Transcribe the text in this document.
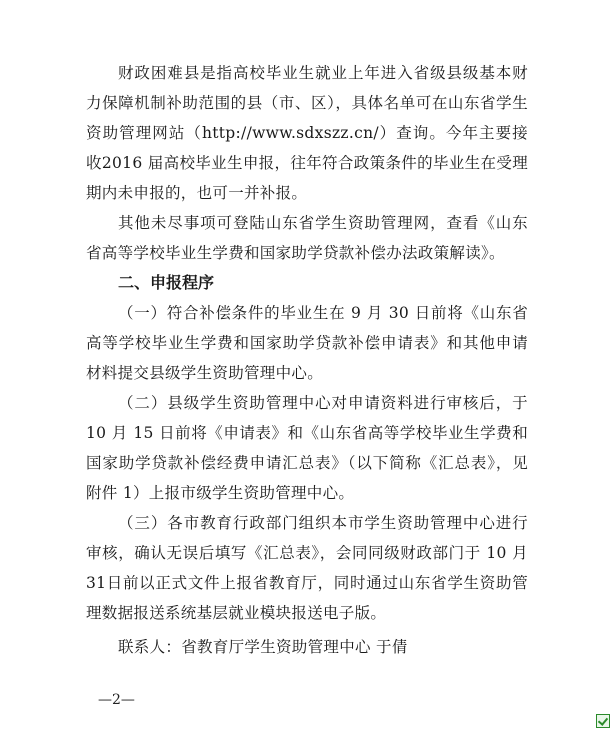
财政困难县是指高校毕业生就业上年进入省级县级基本财力保障机制补助范围的县（市、区），具体名单可在山东省学生资助管理网站（http://www.sdxszz.cn/）查询。今年主要接收2016 届高校毕业生申报，往年符合政策条件的毕业生在受理期内未申报的，也可一并补报。

其他未尽事项可登陆山东省学生资助管理网，查看《山东省高等学校毕业生学费和国家助学贷款补偿办法政策解读》。

二、申报程序

（一）符合补偿条件的毕业生在 9 月 30 日前将《山东省高等学校毕业生学费和国家助学贷款补偿申请表》和其他申请材料提交县级学生资助管理中心。

（二）县级学生资助管理中心对申请资料进行审核后，于10 月 15 日前将《申请表》和《山东省高等学校毕业生学费和国家助学贷款补偿经费申请汇总表》（以下简称《汇总表》，见附件 1）上报市级学生资助管理中心。

（三）各市教育行政部门组织本市学生资助管理中心进行审核，确认无误后填写《汇总表》，会同同级财政部门于 10 月 31日前以正式文件上报省教育厅，同时通过山东省学生资助管理数据报送系统基层就业模块报送电子版。

联系人：省教育厅学生资助管理中心 于倩

—2—
